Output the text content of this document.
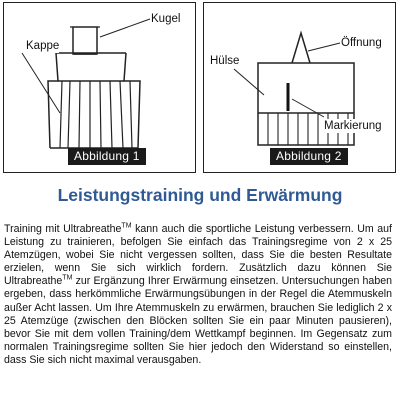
Kugel
Kappe
Abbildung 1
Hülse
Öffnung
Markierung
Abbildung 2
Leistungstraining und Erwärmung

Training mit Ultrabreathe™ kann auch die sportliche Leistung verbessern. Um auf Leistung zu trainieren, befolgen Sie einfach das Trainingsregime von 2 x 25 Atemzügen, wobei Sie nicht vergessen sollten, dass Sie die besten Resultate erzielen, wenn Sie sich wirklich fordern. Zusätzlich dazu können Sie Ultrabreathe™ zur Ergänzung Ihrer Erwärmung einsetzen. Untersuchungen haben ergeben, dass herkömmliche Erwärmungsübungen in der Regel die Atemmuskeln außer Acht lassen. Um Ihre Atemmuskeln zu erwärmen, brauchen Sie lediglich 2 x 25 Atemzüge (zwischen den Blöcken sollten Sie ein paar Minuten pausieren), bevor Sie mit dem vollen Training/dem Wettkampf beginnen. Im Gegensatz zum normalen Trainingsregime sollten Sie hier jedoch den Widerstand so einstellen, dass Sie sich nicht maximal verausgaben.
